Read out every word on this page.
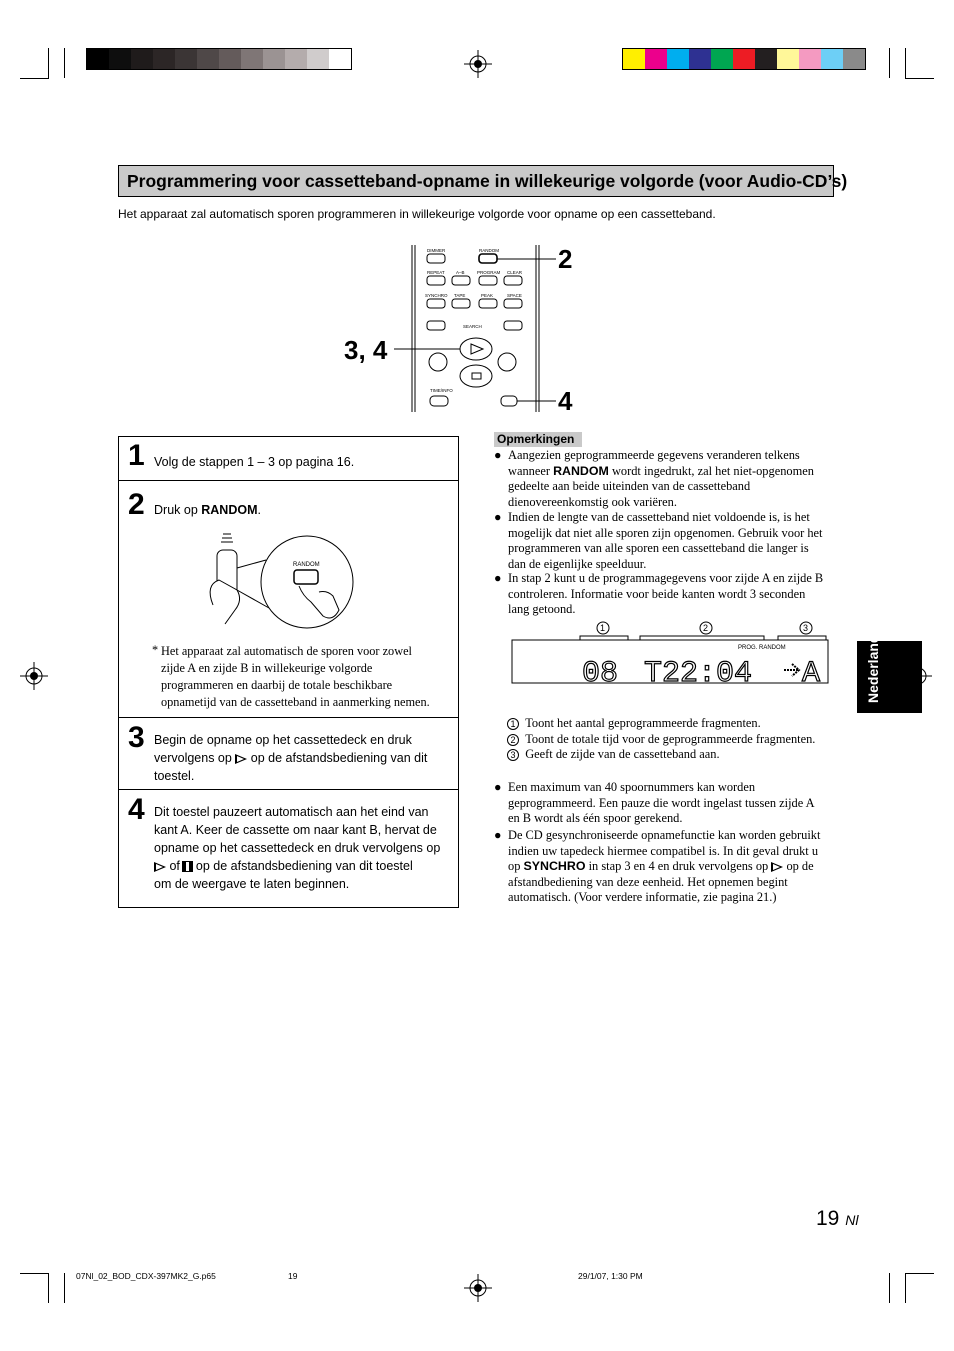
Programmering voor cassetteband-opname in willekeurige volgorde (voor Audio-CD’s)
Het apparaat zal automatisch sporen programmeren in willekeurige volgorde voor opname op een cassetteband.
DIMMER	RANDOM
REPEAT	A–B	PROGRAM CLEAR
SYNCHRO TAPE	PEAK	SPACE
SEARCH
TIME/INFO
2
3, 4
4
1 Volg de stappen 1 – 3 op pagina 16.
2 Druk op RANDOM.
RANDOM
* Het apparaat zal automatisch de sporen voor zowel
zijde A en zijde B in willekeurige volgorde
programmeren en daarbij de totale beschikbare
opnametijd van de cassetteband in aanmerking nemen.
3 Begin de opname op het cassettedeck en druk
vervolgens op op de afstandsbediening van dit
toestel.
4 Dit toestel pauzeert automatisch aan het eind van
kant A. Keer de cassette om naar kant B, hervat de
opname op het cassettedeck en druk vervolgens op
of op de afstandsbediening van dit toestel
om de weergave te laten beginnen.
Opmerkingen
● Aangezien geprogrammeerde gegevens veranderen telkens
wanneer RANDOM wordt ingedrukt, zal het niet-opgenomen
gedeelte aan beide uiteinden van de cassetteband
dienovereenkomstig ook variëren.
● Indien de lengte van de cassetteband niet voldoende is, is het
mogelijk dat niet alle sporen zijn opgenomen. Gebruik voor het
programmeren van alle sporen een cassetteband die langer is
dan de eigenlijke speelduur.
● In stap 2 kunt u de programmagegevens voor zijde A en zijde B
controleren. Informatie voor beide kanten wordt 3 seconden
lang getoond.
1	2	3
PROG. RANDOM
08 T22:04 A
1 Toont het aantal geprogrammeerde fragmenten.
2 Toont de totale tijd voor de geprogrammeerde fragmenten.
3 Geeft de zijde van de cassetteband aan.
● Een maximum van 40 spoornummers kan worden
geprogrammeerd. Een pauze die wordt ingelast tussen zijde A
en B wordt als één spoor gerekend.
● De CD gesynchroniseerde opnamefunctie kan worden gebruikt
indien uw tapedeck hiermee compatibel is. In dit geval drukt u
op SYNCHRO in stap 3 en 4 en druk vervolgens op op de
afstandbediening van deze eenheid. Het opnemen begint
automatisch. (Voor verdere informatie, zie pagina 21.)
Nederlands
19 Nl
07Nl_02_BOD_CDX-397MK2_G.p65	19	29/1/07, 1:30 PM
